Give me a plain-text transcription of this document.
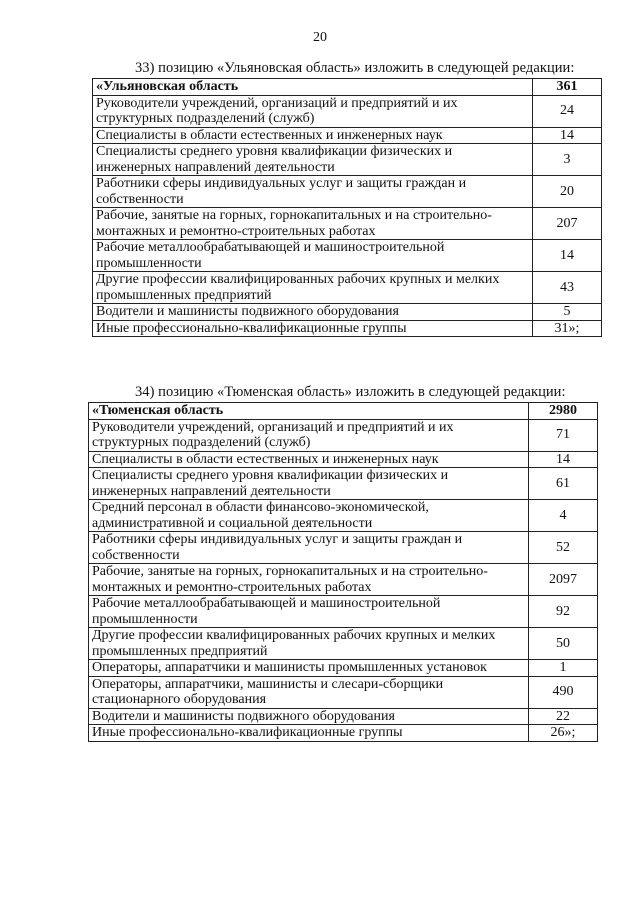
20
33) позицию «Ульяновская область» изложить в следующей редакции:
«Ульяновская область	361
Руководители учреждений, организаций и предприятий и их структурных подразделений (служб)	24
Специалисты в области естественных и инженерных наук	14
Специалисты среднего уровня квалификации физических и инженерных направлений деятельности	3
Работники сферы индивидуальных услуг и защиты граждан и собственности	20
Рабочие, занятые на горных, горнокапитальных и на строительно-монтажных и ремонтно-строительных работах	207
Рабочие металлообрабатывающей и машиностроительной промышленности	14
Другие профессии квалифицированных рабочих крупных и мелких промышленных предприятий	43
Водители и машинисты подвижного оборудования	5
Иные профессионально-квалификационные группы	31»;
34) позицию «Тюменская область» изложить в следующей редакции:
«Тюменская область	2980
Руководители учреждений, организаций и предприятий и их структурных подразделений (служб)	71
Специалисты в области естественных и инженерных наук	14
Специалисты среднего уровня квалификации физических и инженерных направлений деятельности	61
Средний персонал в области финансово-экономической, административной и социальной деятельности	4
Работники сферы индивидуальных услуг и защиты граждан и собственности	52
Рабочие, занятые на горных, горнокапитальных и на строительно-монтажных и ремонтно-строительных работах	2097
Рабочие металлообрабатывающей и машиностроительной промышленности	92
Другие профессии квалифицированных рабочих крупных и мелких промышленных предприятий	50
Операторы, аппаратчики и машинисты промышленных установок	1
Операторы, аппаратчики, машинисты и слесари-сборщики стационарного оборудования	490
Водители и машинисты подвижного оборудования	22
Иные профессионально-квалификационные группы	26»;
